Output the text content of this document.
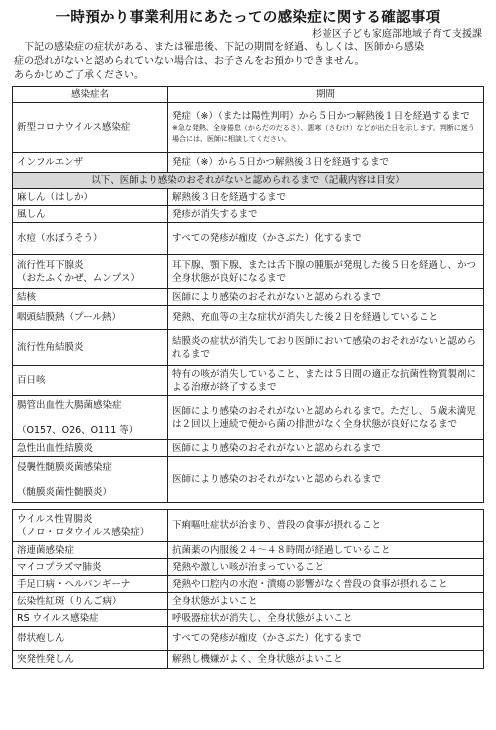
一時預かり事業利用にあたっての感染症に関する確認事項
杉並区子ども家庭部地域子育て支援課

　下記の感染症の症状がある、または罹患後、下記の期間を経過、もしくは、医師から感染

症の恐れがないと認められていない場合は、お子さんをお預かりできません。

あらかじめご了承ください。

感染症名	期間

新型コロナウイルス感染症	発症（※）（または陽性判明）から５日かつ解熱後１日を経過するまで
※急な発熱、全身倦怠（からだのだるさ）、悪寒（さむけ）などが出た日を示します。判断に迷う場合には、医師に相談してください。

インフルエンザ	発症（※）から５日かつ解熱後３日を経過するまで

以下、医師より感染のおそれがないと認められるまで（記載内容は目安）	

麻しん（はしか）	解熱後３日を経過するまで

風しん	発疹が消失するまで

水痘（水ぼうそう）	すべての発疹が痂皮（かさぶた）化するまで

流行性耳下腺炎
（おたふくかぜ、ムンプス）	耳下腺、顎下腺、または舌下腺の腫脹が発現した後５日を経過し、かつ全身状態が良好になるまで

結核	医師により感染のおそれがないと認められるまで

咽頭結膜熱（プール熱）	発熱、充血等の主な症状が消失した後２日を経過していること

流行性角結膜炎	結膜炎の症状が消失しており医師において感染のおそれがないと認められるまで

百日咳	特有の咳が消失していること、または５日間の適正な抗菌性物質製剤による治療が終了するまで

腸管出血性大腸菌感染症
（O157、O26、O111 等）	医師により感染のおそれがないと認められるまで。ただし、５歳未満児は２回以上連続で便から菌の排泄がなく全身状態が良好になるまで

急性出血性結膜炎	医師により感染のおそれがないと認められるまで

侵襲性髄膜炎菌感染症
（髄膜炎菌性髄膜炎）	医師により感染のおそれがないと認められるまで

ウイルス性胃腸炎
（ノロ・ロタウイルス感染症）	下痢嘔吐症状が治まり、普段の食事が摂れること

溶連菌感染症	抗菌薬の内服後２４～４８時間が経過していること

マイコプラズマ肺炎	発熱や激しい咳が治まっていること

手足口病・ヘルパンギーナ	発熱や口腔内の水泡・潰瘍の影響がなく普段の食事が摂れること

伝染性紅斑（りんご病）	全身状態がよいこと

RS ウイルス感染症	呼吸器症状が消失し、全身状態がよいこと

帯状疱しん	すべての発疹が痂皮（かさぶた）化するまで

突発性発しん	解熱し機嫌がよく、全身状態がよいこと
